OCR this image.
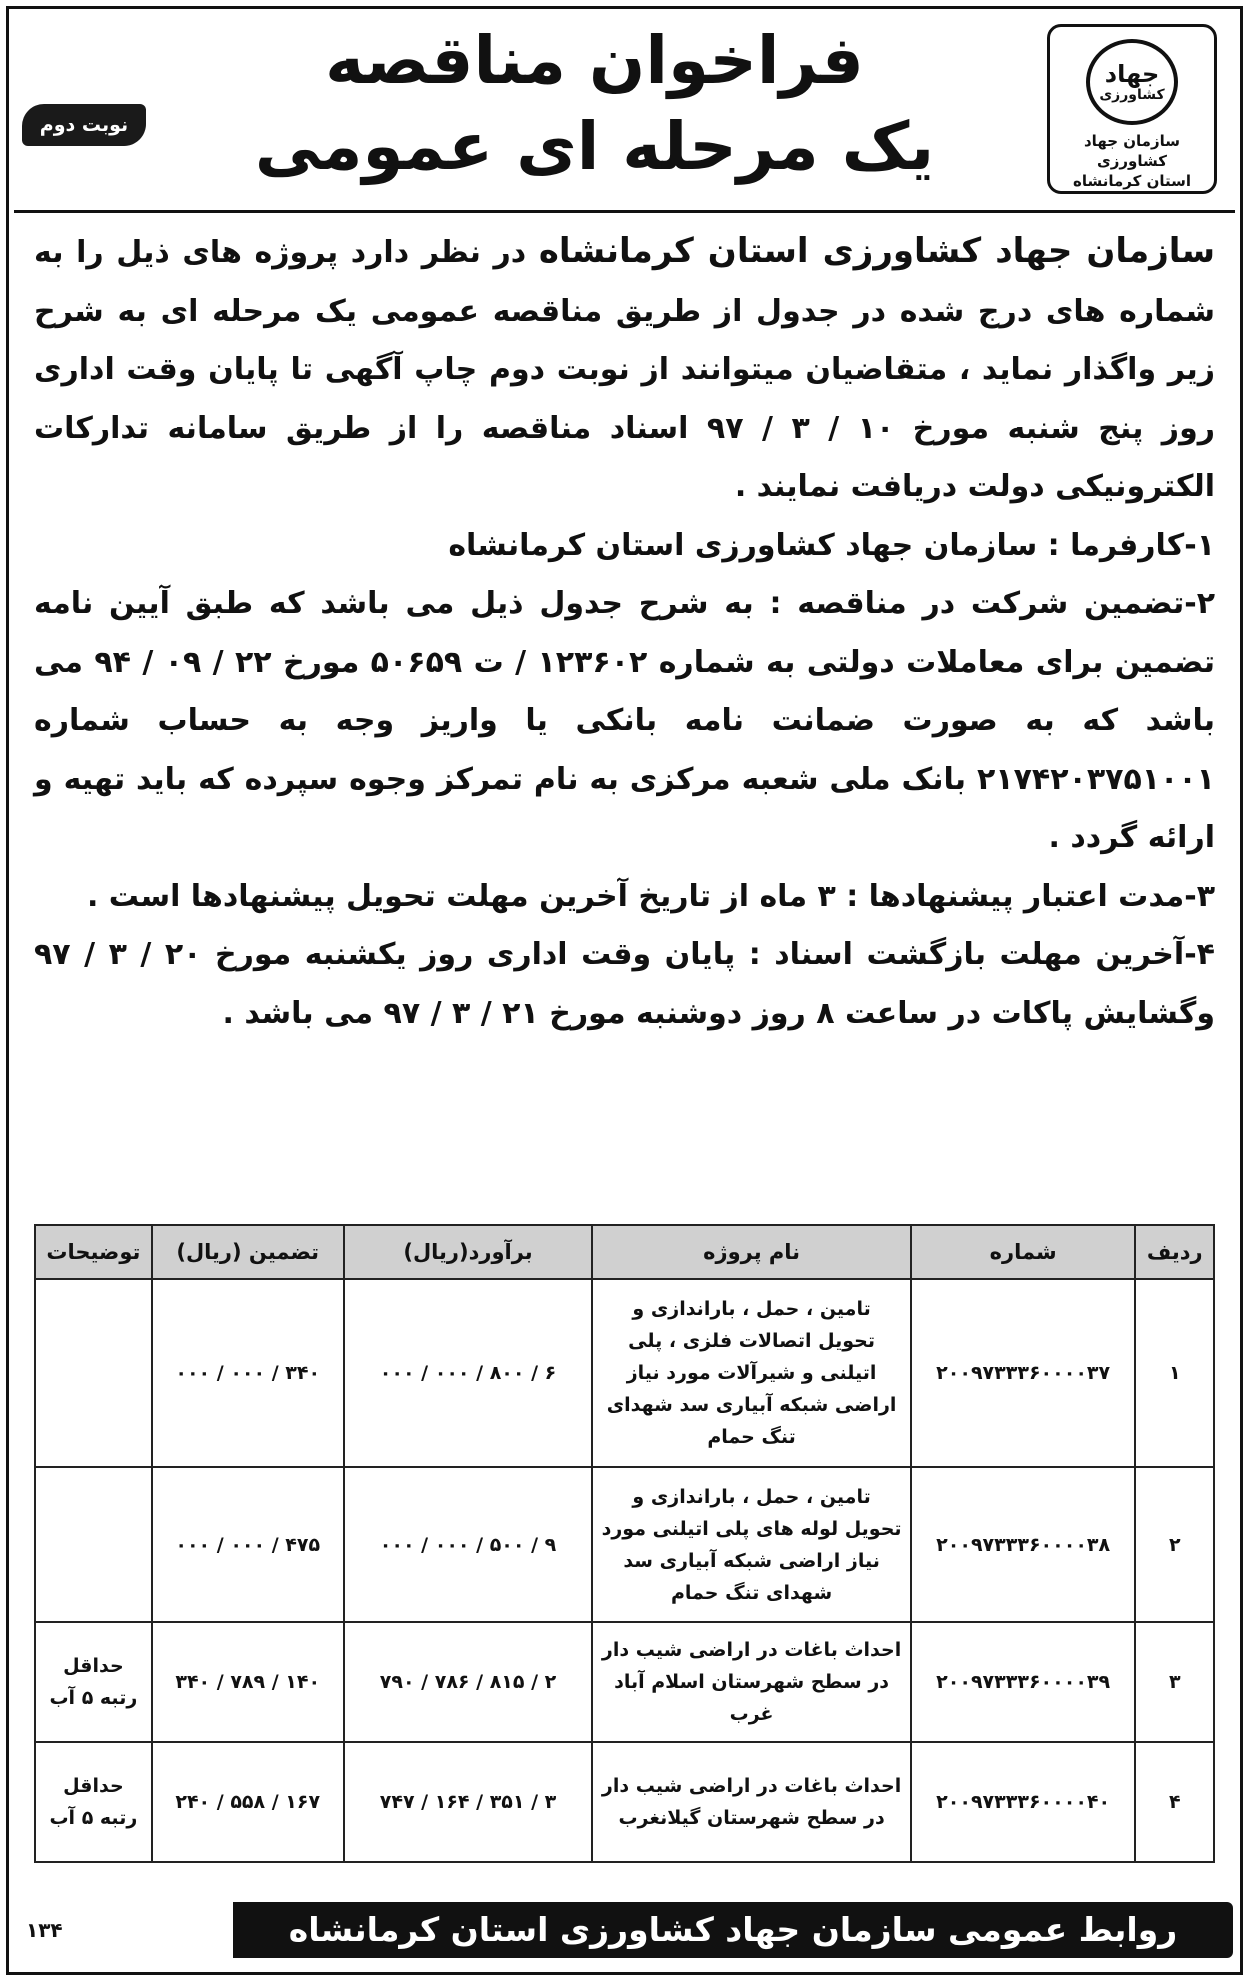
جهاد
کشاورزی
سازمان جهاد کشاورزی
استان کرمانشاه
فراخوان مناقصه
یک مرحله ای عمومی
نوبت دوم

سازمان جهاد کشاورزی استان کرمانشاه در نظر دارد پروژه های ذیل را به شماره های درج شده در جدول از طریق مناقصه عمومی یک مرحله ای به شرح زیر واگذار نماید ، متقاضیان میتوانند از نوبت دوم چاپ آگهی تا پایان وقت اداری روز پنج شنبه مورخ ۱۰ / ۳ / ۹۷ اسناد مناقصه را از طریق سامانه تدارکات الکترونیکی دولت دریافت نمایند .

۱-کارفرما : سازمان جهاد کشاورزی استان کرمانشاه

۲-تضمین شرکت در مناقصه : به شرح جدول ذیل می باشد که طبق آیین نامه تضمین برای معاملات دولتی به شماره ۱۲۳۶۰۲ / ت ۵۰۶۵۹ مورخ ۲۲ / ۰۹ / ۹۴ می باشد که به صورت ضمانت نامه بانکی یا واریز وجه به حساب شماره ۲۱۷۴۲۰۳۷۵۱۰۰۱ بانک ملی شعبه مرکزی به نام تمرکز وجوه سپرده که باید تهیه و ارائه گردد .

۳-مدت اعتبار پیشنهادها : ۳ ماه از تاریخ آخرین مهلت تحویل پیشنهادها است .

۴-آخرین مهلت بازگشت اسناد : پایان وقت اداری روز یکشنبه مورخ ۲۰ / ۳ / ۹۷ وگشایش پاکات در ساعت ۸ روز دوشنبه مورخ ۲۱ / ۳ / ۹۷ می باشد .

ردیف	شماره	نام پروژه	برآورد(ریال)	تضمین (ریال)	توضیحات
۱	۲۰۰۹۷۳۳۳۶۰۰۰۰۳۷	تامین ، حمل ، باراندازی و تحویل اتصالات فلزی ، پلی اتیلنی و شیرآلات مورد نیاز اراضی شبکه آبیاری سد شهدای تنگ حمام	۶ / ۸۰۰ / ۰۰۰ / ۰۰۰	۳۴۰ / ۰۰۰ / ۰۰۰	
۲	۲۰۰۹۷۳۳۳۶۰۰۰۰۳۸	تامین ، حمل ، باراندازی و تحویل لوله های پلی اتیلنی مورد نیاز اراضی شبکه آبیاری سد شهدای تنگ حمام	۹ / ۵۰۰ / ۰۰۰ / ۰۰۰	۴۷۵ / ۰۰۰ / ۰۰۰	
۳	۲۰۰۹۷۳۳۳۶۰۰۰۰۳۹	احداث باغات در اراضی شیب دار در سطح شهرستان اسلام آباد غرب	۲ / ۸۱۵ / ۷۸۶ / ۷۹۰	۱۴۰ / ۷۸۹ / ۳۴۰	حداقل رتبه ۵ آب
۴	۲۰۰۹۷۳۳۳۶۰۰۰۰۴۰	احداث باغات در اراضی شیب دار در سطح شهرستان گیلانغرب	۳ / ۳۵۱ / ۱۶۴ / ۷۴۷	۱۶۷ / ۵۵۸ / ۲۴۰	حداقل رتبه ۵ آب
روابط عمومی سازمان جهاد کشاورزی استان کرمانشاه
۱۳۴
